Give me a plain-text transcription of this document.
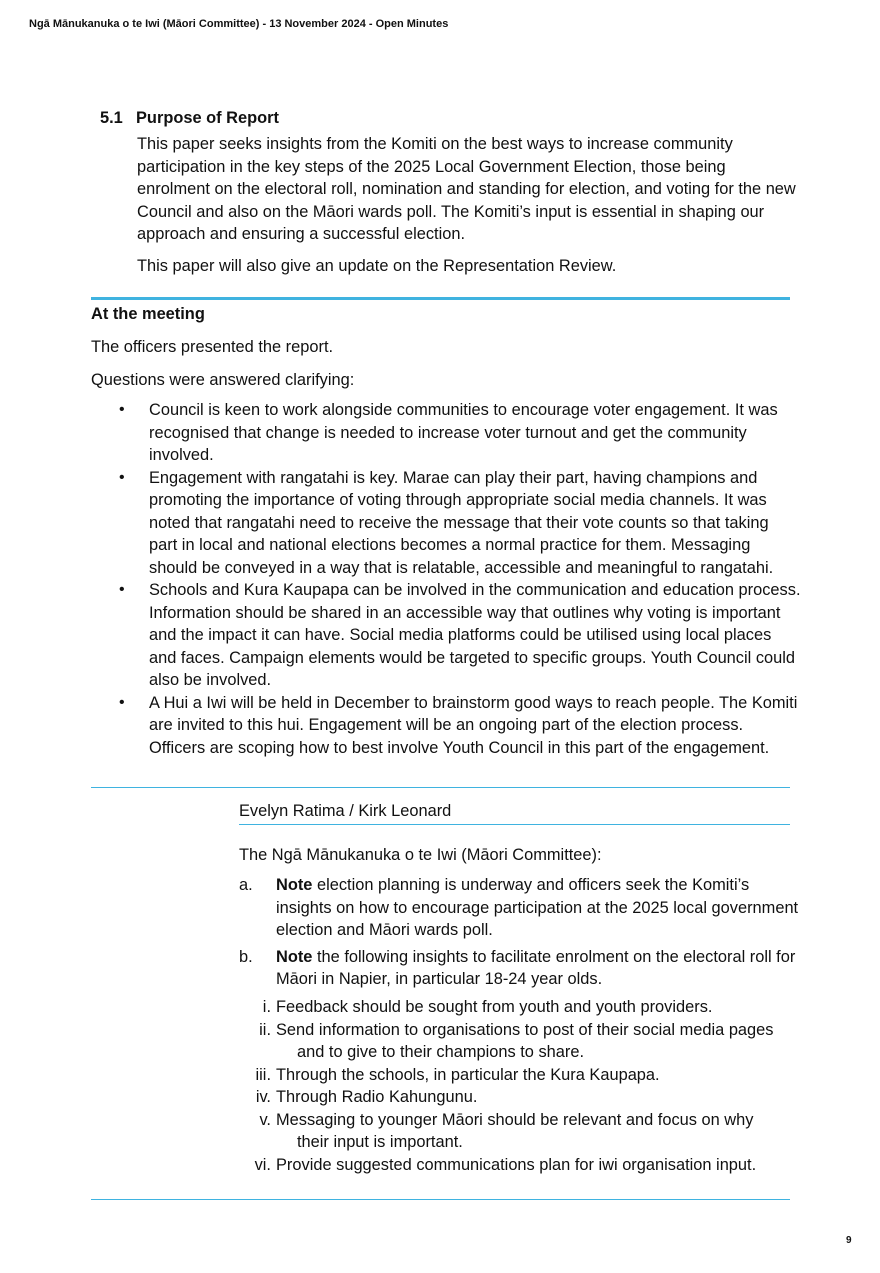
Ngā Mānukanuka o te Iwi (Māori Committee) - 13 November 2024 - Open Minutes
5.1 Purpose of Report
This paper seeks insights from the Komiti on the best ways to increase community participation in the key steps of the 2025 Local Government Election, those being enrolment on the electoral roll, nomination and standing for election, and voting for the new Council and also on the Māori wards poll. The Komiti’s input is essential in shaping our approach and ensuring a successful election.
This paper will also give an update on the Representation Review.
At the meeting
The officers presented the report.
Questions were answered clarifying:
• Council is keen to work alongside communities to encourage voter engagement. It was recognised that change is needed to increase voter turnout and get the community involved.
• Engagement with rangatahi is key. Marae can play their part, having champions and promoting the importance of voting through appropriate social media channels. It was noted that rangatahi need to receive the message that their vote counts so that taking part in local and national elections becomes a normal practice for them. Messaging should be conveyed in a way that is relatable, accessible and meaningful to rangatahi.
• Schools and Kura Kaupapa can be involved in the communication and education process. Information should be shared in an accessible way that outlines why voting is important and the impact it can have. Social media platforms could be utilised using local places and faces. Campaign elements would be targeted to specific groups. Youth Council could also be involved.
• A Hui a Iwi will be held in December to brainstorm good ways to reach people. The Komiti are invited to this hui. Engagement will be an ongoing part of the election process. Officers are scoping how to best involve Youth Council in this part of the engagement.
Evelyn Ratima / Kirk Leonard
The Ngā Mānukanuka o te Iwi (Māori Committee):
a. Note election planning is underway and officers seek the Komiti’s insights on how to encourage participation at the 2025 local government election and Māori wards poll.
b. Note the following insights to facilitate enrolment on the electoral roll for Māori in Napier, in particular 18-24 year olds.
i. Feedback should be sought from youth and youth providers.
ii. Send information to organisations to post of their social media pages
and to give to their champions to share.
iii. Through the schools, in particular the Kura Kaupapa.
iv. Through Radio Kahungunu.
v. Messaging to younger Māori should be relevant and focus on why
their input is important.
vi. Provide suggested communications plan for iwi organisation input.
9
